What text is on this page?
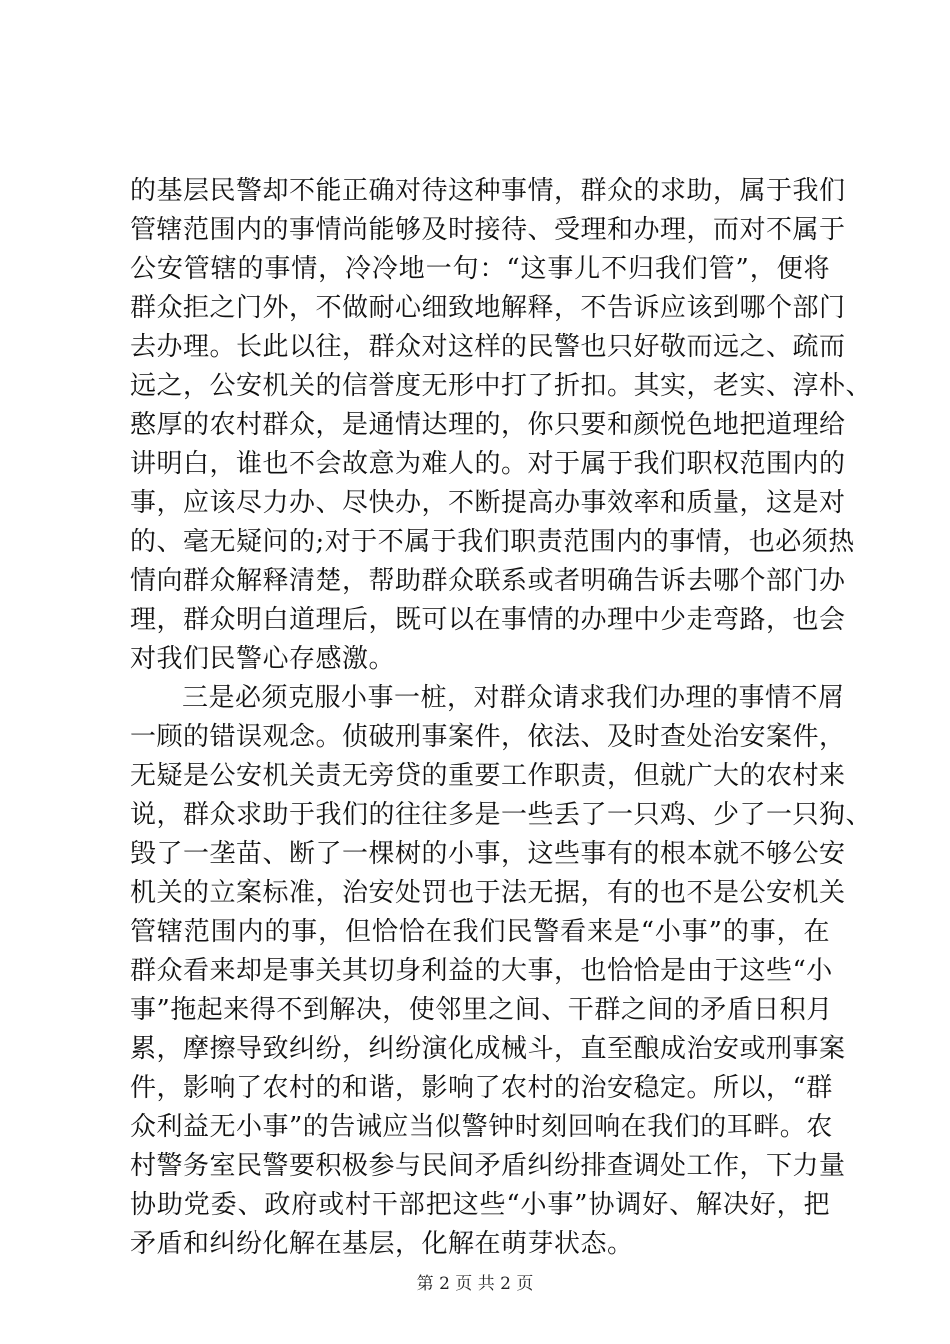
的基层民警却不能正确对待这种事情，群众的求助，属于我们
管辖范围内的事情尚能够及时接待、受理和办理，而对不属于
公安管辖的事情，冷冷地一句：“这事儿不归我们管”，便将
群众拒之门外，不做耐心细致地解释，不告诉应该到哪个部门
去办理。长此以往，群众对这样的民警也只好敬而远之、疏而
远之，公安机关的信誉度无形中打了折扣。其实，老实、淳朴、
憨厚的农村群众，是通情达理的，你只要和颜悦色地把道理给
讲明白，谁也不会故意为难人的。对于属于我们职权范围内的
事，应该尽力办、尽快办，不断提高办事效率和质量，这是对
的、毫无疑问的;对于不属于我们职责范围内的事情，也必须热
情向群众解释清楚，帮助群众联系或者明确告诉去哪个部门办
理，群众明白道理后，既可以在事情的办理中少走弯路，也会
对我们民警心存感激。
三是必须克服小事一桩，对群众请求我们办理的事情不屑
一顾的错误观念。侦破刑事案件，依法、及时查处治安案件，
无疑是公安机关责无旁贷的重要工作职责，但就广大的农村来
说，群众求助于我们的往往多是一些丢了一只鸡、少了一只狗、
毁了一垄苗、断了一棵树的小事，这些事有的根本就不够公安
机关的立案标准，治安处罚也于法无据，有的也不是公安机关
管辖范围内的事，但恰恰在我们民警看来是“小事”的事，在
群众看来却是事关其切身利益的大事，也恰恰是由于这些“小
事”拖起来得不到解决，使邻里之间、干群之间的矛盾日积月
累，摩擦导致纠纷，纠纷演化成械斗，直至酿成治安或刑事案
件，影响了农村的和谐，影响了农村的治安稳定。所以，“群
众利益无小事”的告诫应当似警钟时刻回响在我们的耳畔。农
村警务室民警要积极参与民间矛盾纠纷排查调处工作，下力量
协助党委、政府或村干部把这些“小事”协调好、解决好，把
矛盾和纠纷化解在基层，化解在萌芽状态。
第 2 页 共 2 页
